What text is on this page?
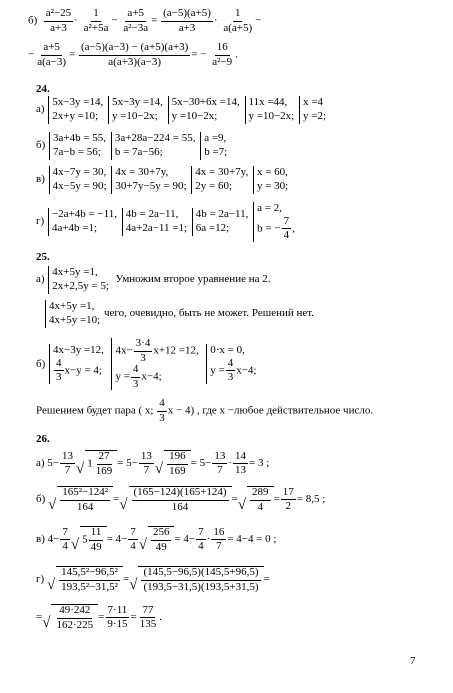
$б) \frac{\text{a²−25}}{a+3} \cdot \frac{1}{\text{a²+5a}} - \frac{a+5}{\text{a²−3a}} = \frac{(a-5)(a+5)}{a+3} \cdot \frac{1}{a(a+5)}$ −
− $\frac{a+5}{a(a-3)} = \frac{(a-5)(a-3) - (a+5)(a+3)}{a(a+3)(a-3)}$ = − $\frac{16}{\text{a²−9}}$ .
24.
а)

5x−3y =14,
2x+y =10;

5x−3y =14,
y =10−2x;

5x−30+6x =14,
y =10−2x;

11x =44,
y =10−2x;

x =4
y =2;
б)

3a+4b = 55,
7a−b = 56;

3a+28a−224 = 55,
b = 7a−56;

a =9,
b =7;
в)

4x−7y = 30,
4x−5y = 90;

4x = 30+7y,
30+7y−5y = 90;

4x = 30+7y,
2y = 60;

x = 60,
y = 30;
г)

−2a+4b = −11,
4a+4b =1;

4b = 2a−11,
4a+2a−11 =1;

4b = 2a−11,
6a =12;

a = 2,
b = − $\frac{7}{4}$ ,
25.
а)

4x+5y =1,
2x+2,5y = 5;

Умножим второе уравнение на 2.
4x+5y =1,
4x+5y =10;

чего, очевидно, быть не может. Решений нет.
б)

4x−3y =12,
$\frac{4}{3} x-y = 4$;

$4x- \frac{3\cdot 4}{3} x+12 =12$,
$y = \frac{4}{3} x-4$;

0·x = 0,
$y = \frac{4}{3} x-4$;
Решением будет пара ( x; $\frac{4}{3}$ x − 4) , где x −любое действительное число.
26.
а) $5- \frac{13}{7}$ √ $1 \frac{27}{169} = 5- \frac{13}{7}$ √ $\frac{196}{169} = 5- \frac{13}{7} \cdot \frac{14}{13} = 3$ ;
б) √ $\frac{\text{165²−124²}}{164}$ = √ $\frac{(165-124)(165+124)}{164}$ = √ $\frac{289}{4} = \frac{17}{2} = 8,5$ ;
в) $4- \frac{7}{4}$ √ $5 \frac{11}{49} = 4- \frac{7}{4}$ √ $\frac{256}{49} = 4- \frac{7}{4} \cdot \frac{16}{7} = 4-4 = 0$ ;
г) √ $\frac{\text{145,5²−96,5²}}{\text{193,5²−31,5²}}$ = √ $\frac{(145,5-96,5)(145,5+96,5)}{(193,5-31,5)(193,5+31,5)}$ =
= √ $\frac{49\cdot 242}{162\cdot 225} = \frac{7\cdot 11}{9\cdot 15} = \frac{77}{135}$ .
7
